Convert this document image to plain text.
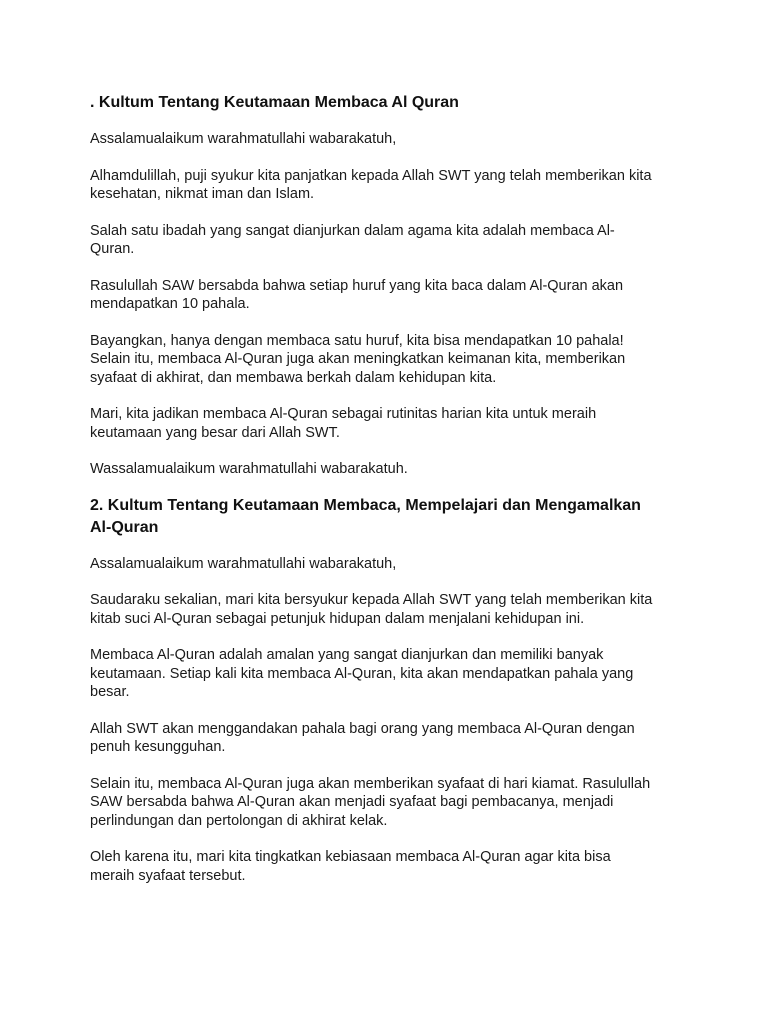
. Kultum Tentang Keutamaan Membaca Al Quran

Assalamualaikum warahmatullahi wabarakatuh,

Alhamdulillah, puji syukur kita panjatkan kepada Allah SWT yang telah memberikan kita
kesehatan, nikmat iman dan Islam.

Salah satu ibadah yang sangat dianjurkan dalam agama kita adalah membaca Al-
Quran.

Rasulullah SAW bersabda bahwa setiap huruf yang kita baca dalam Al-Quran akan
mendapatkan 10 pahala.

Bayangkan, hanya dengan membaca satu huruf, kita bisa mendapatkan 10 pahala!
Selain itu, membaca Al-Quran juga akan meningkatkan keimanan kita, memberikan
syafaat di akhirat, dan membawa berkah dalam kehidupan kita.

Mari, kita jadikan membaca Al-Quran sebagai rutinitas harian kita untuk meraih
keutamaan yang besar dari Allah SWT.

Wassalamualaikum warahmatullahi wabarakatuh.

2. Kultum Tentang Keutamaan Membaca, Mempelajari dan Mengamalkan
Al-Quran

Assalamualaikum warahmatullahi wabarakatuh,

Saudaraku sekalian, mari kita bersyukur kepada Allah SWT yang telah memberikan kita
kitab suci Al-Quran sebagai petunjuk hidupan dalam menjalani kehidupan ini.

Membaca Al-Quran adalah amalan yang sangat dianjurkan dan memiliki banyak
keutamaan. Setiap kali kita membaca Al-Quran, kita akan mendapatkan pahala yang
besar.

Allah SWT akan menggandakan pahala bagi orang yang membaca Al-Quran dengan
penuh kesungguhan.

Selain itu, membaca Al-Quran juga akan memberikan syafaat di hari kiamat. Rasulullah
SAW bersabda bahwa Al-Quran akan menjadi syafaat bagi pembacanya, menjadi
perlindungan dan pertolongan di akhirat kelak.

Oleh karena itu, mari kita tingkatkan kebiasaan membaca Al-Quran agar kita bisa
meraih syafaat tersebut.
